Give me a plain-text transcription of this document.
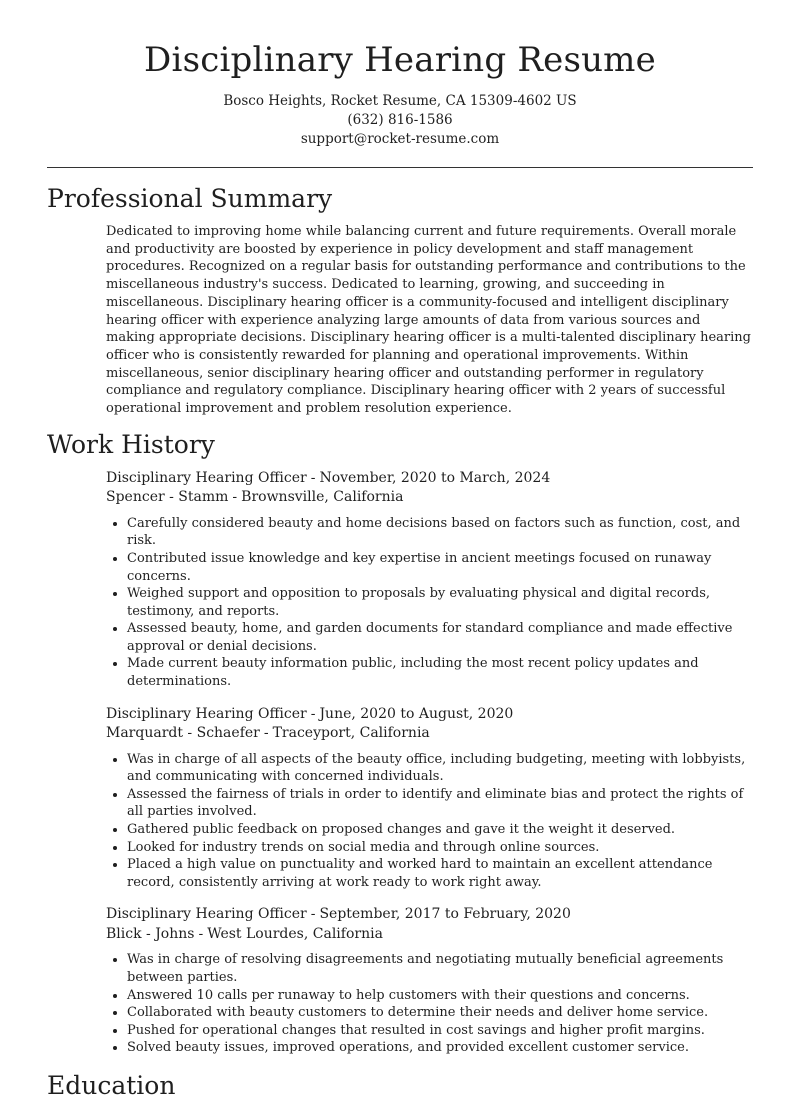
Disciplinary Hearing Resume
Bosco Heights, Rocket Resume, CA 15309-4602 US
(632) 816-1586
support@rocket-resume.com
Professional Summary

Dedicated to improving home while balancing current and future requirements. Overall morale and productivity are boosted by experience in policy development and staff management procedures. Recognized on a regular basis for outstanding performance and contributions to the miscellaneous industry's success. Dedicated to learning, growing, and succeeding in miscellaneous. Disciplinary hearing officer is a community-focused and intelligent disciplinary hearing officer with experience analyzing large amounts of data from various sources and making appropriate decisions. Disciplinary hearing officer is a multi-talented disciplinary hearing officer who is consistently rewarded for planning and operational improvements. Within miscellaneous, senior disciplinary hearing officer and outstanding performer in regulatory compliance and regulatory compliance. Disciplinary hearing officer with 2 years of successful operational improvement and problem resolution experience.

Work History
Disciplinary Hearing Officer - November, 2020 to March, 2024
Spencer - Stamm - Brownsville, California
• Carefully considered beauty and home decisions based on factors such as function, cost, and risk.
• Contributed issue knowledge and key expertise in ancient meetings focused on runaway concerns.
• Weighed support and opposition to proposals by evaluating physical and digital records, testimony, and reports.
• Assessed beauty, home, and garden documents for standard compliance and made effective approval or denial decisions.
• Made current beauty information public, including the most recent policy updates and determinations.
Disciplinary Hearing Officer - June, 2020 to August, 2020
Marquardt - Schaefer - Traceyport, California
• Was in charge of all aspects of the beauty office, including budgeting, meeting with lobbyists, and communicating with concerned individuals.
• Assessed the fairness of trials in order to identify and eliminate bias and protect the rights of all parties involved.
• Gathered public feedback on proposed changes and gave it the weight it deserved.
• Looked for industry trends on social media and through online sources.
• Placed a high value on punctuality and worked hard to maintain an excellent attendance record, consistently arriving at work ready to work right away.
Disciplinary Hearing Officer - September, 2017 to February, 2020
Blick - Johns - West Lourdes, California
• Was in charge of resolving disagreements and negotiating mutually beneficial agreements between parties.
• Answered 10 calls per runaway to help customers with their questions and concerns.
• Collaborated with beauty customers to determine their needs and deliver home service.
• Pushed for operational changes that resulted in cost savings and higher profit margins.
• Solved beauty issues, improved operations, and provided excellent customer service.
Education
